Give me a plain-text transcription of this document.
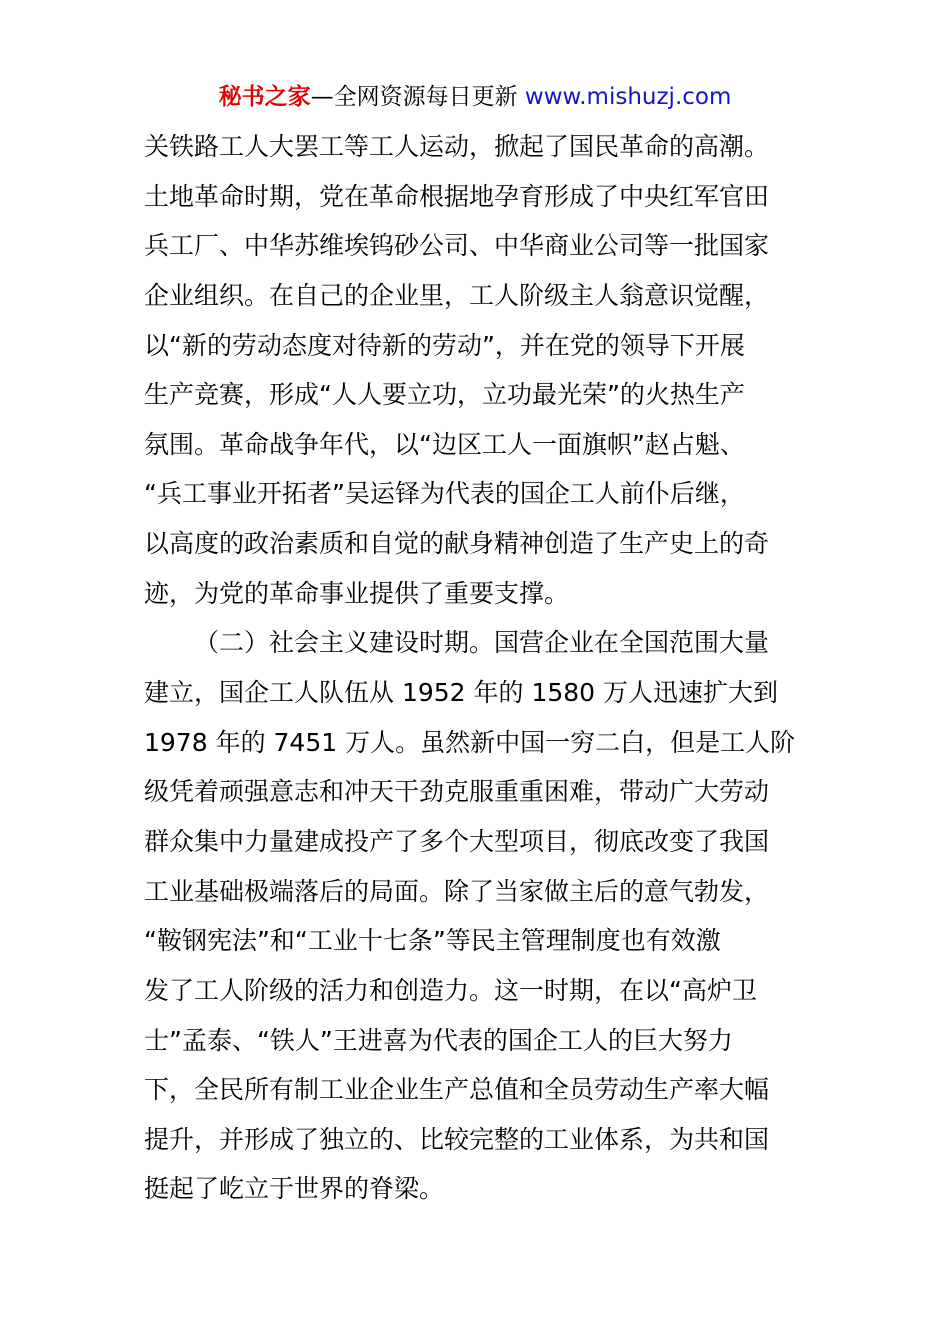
秘书之家—全网资源每日更新 www.mishuzj.com
关铁路工人大罢工等工人运动，掀起了国民革命的高潮。
土地革命时期，党在革命根据地孕育形成了中央红军官田
兵工厂、中华苏维埃钨砂公司、中华商业公司等一批国家
企业组织。在自己的企业里，工人阶级主人翁意识觉醒，
以“新的劳动态度对待新的劳动”，并在党的领导下开展
生产竞赛，形成“人人要立功，立功最光荣”的火热生产
氛围。革命战争年代，以“边区工人一面旗帜”赵占魁、
“兵工事业开拓者”吴运铎为代表的国企工人前仆后继，
以高度的政治素质和自觉的献身精神创造了生产史上的奇
迹，为党的革命事业提供了重要支撑。
（二）社会主义建设时期。国营企业在全国范围大量
建立，国企工人队伍从 1952 年的 1580 万人迅速扩大到
1978 年的 7451 万人。虽然新中国一穷二白，但是工人阶
级凭着顽强意志和冲天干劲克服重重困难，带动广大劳动
群众集中力量建成投产了多个大型项目，彻底改变了我国
工业基础极端落后的局面。除了当家做主后的意气勃发，
“鞍钢宪法”和“工业十七条”等民主管理制度也有效激
发了工人阶级的活力和创造力。这一时期，在以“高炉卫
士”孟泰、“铁人”王进喜为代表的国企工人的巨大努力
下，全民所有制工业企业生产总值和全员劳动生产率大幅
提升，并形成了独立的、比较完整的工业体系，为共和国
挺起了屹立于世界的脊梁。
